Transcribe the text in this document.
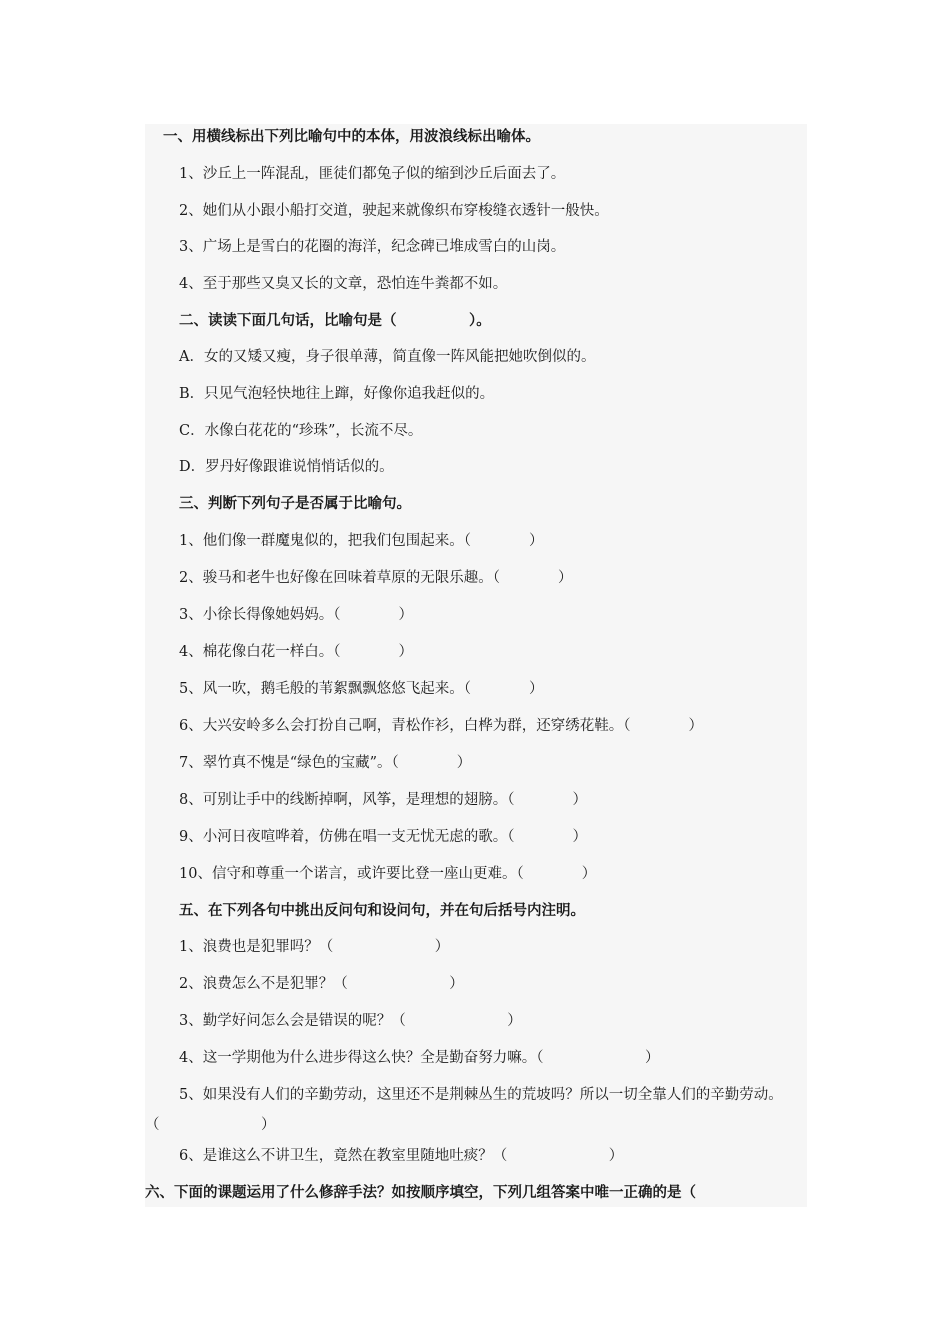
一、用横线标出下列比喻句中的本体，用波浪线标出喻体。
1、沙丘上一阵混乱，匪徒们都兔子似的缩到沙丘后面去了。
2、她们从小跟小船打交道，驶起来就像织布穿梭缝衣透针一般快。
3、广场上是雪白的花圈的海洋，纪念碑已堆成雪白的山岗。
4、至于那些又臭又长的文章，恐怕连牛粪都不如。
二、读读下面几句话，比喻句是（　　　　　）。
A．女的又矮又瘦，身子很单薄，简直像一阵风能把她吹倒似的。
B．只见气泡轻快地往上蹿，好像你追我赶似的。
C．水像白花花的“珍珠”，长流不尽。
D．罗丹好像跟谁说悄悄话似的。
三、判断下列句子是否属于比喻句。
1、他们像一群魔鬼似的，把我们包围起来。（　　　　）
2、骏马和老牛也好像在回味着草原的无限乐趣。（　　　　）
3、小徐长得像她妈妈。（　　　　）
4、棉花像白花一样白。（　　　　）
5、风一吹，鹅毛般的苇絮飘飘悠悠飞起来。（　　　　）
6、大兴安岭多么会打扮自己啊，青松作衫，白桦为群，还穿绣花鞋。（　　　　）
7、翠竹真不愧是“绿色的宝藏”。（　　　　）
8、可别让手中的线断掉啊，风筝，是理想的翅膀。（　　　　）
9、小河日夜喧哗着，仿佛在唱一支无忧无虑的歌。（　　　　）
10、信守和尊重一个诺言，或许要比登一座山更难。（　　　　）
五、在下列各句中挑出反问句和设问句，并在句后括号内注明。
1、浪费也是犯罪吗？（　　　　　　　）
2、浪费怎么不是犯罪？（　　　　　　　）
3、勤学好问怎么会是错误的呢？（　　　　　　　）
4、这一学期他为什么进步得这么快？全是勤奋努力嘛。（　　　　　　　）
5、如果没有人们的辛勤劳动，这里还不是荆棘丛生的荒坡吗？所以一切全靠人们的辛勤劳动。（　　　　　　　）
6、是谁这么不讲卫生，竟然在教室里随地吐痰？（　　　　　　　）
六、下面的课题运用了什么修辞手法？如按顺序填空，下列几组答案中唯一正确的是（
